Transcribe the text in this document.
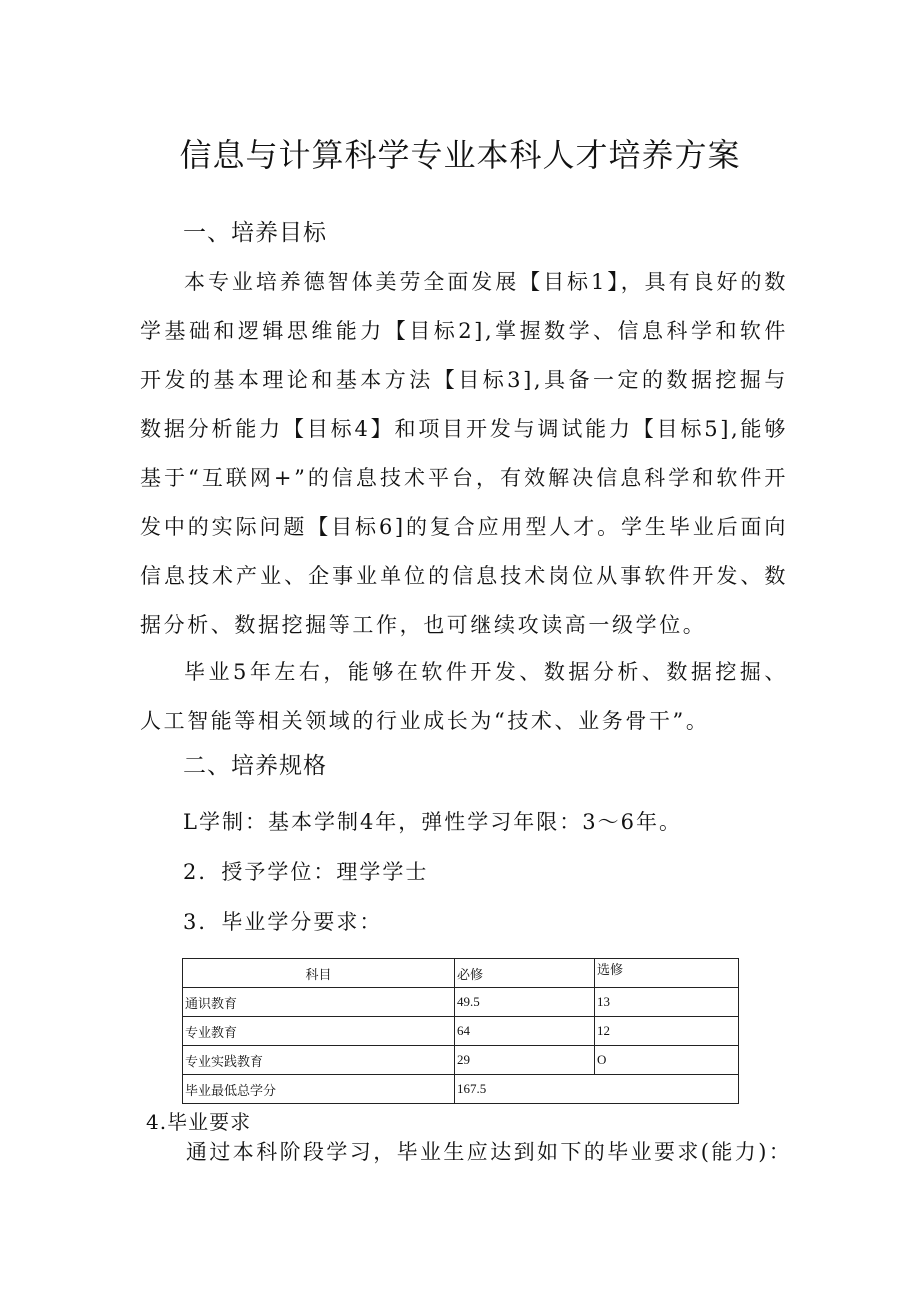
信息与计算科学专业本科人才培养方案
一、培养目标
本专业培养德智体美劳全面发展【目标1】，具有良好的数学基础和逻辑思维能力【目标2],掌握数学、信息科学和软件开发的基本理论和基本方法【目标3],具备一定的数据挖掘与数据分析能力【目标4】和项目开发与调试能力【目标5],能够基于“互联网+”的信息技术平台，有效解决信息科学和软件开发中的实际问题【目标6]的复合应用型人才。学生毕业后面向信息技术产业、企事业单位的信息技术岗位从事软件开发、数据分析、数据挖掘等工作，也可继续攻读高一级学位。
毕业5年左右，能够在软件开发、数据分析、数据挖掘、人工智能等相关领域的行业成长为“技术、业务骨干”。
二、培养规格
L学制：基本学制4年，弹性学习年限：3～6年。
2．授予学位：理学学士
3．毕业学分要求：
科目	必修	选修
通识教育	49.5	13
专业教育	64	12
专业实践教育	29	O
毕业最低总学分	167.5	
4.毕业要求
通过本科阶段学习，毕业生应达到如下的毕业要求(能力)：
